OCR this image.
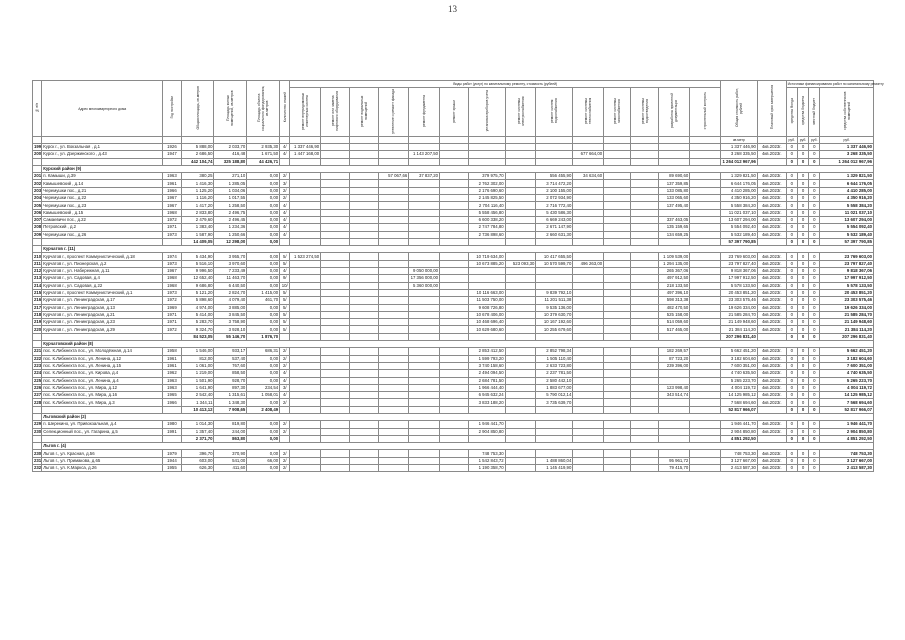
13
№ п/п	Адрес многоквартирного дома	Год постройки	Общая площадь, кв.метров	Площадь жилых помещений, кв.метров	Площадь объекта социального фондирования, кв.метров	Количество этажей	Виды работ (услуг) по капитальному ремонту, стоимость (рублей)														Общая стоимость работ, рублей	Плановый срок завершения	Источники финансирования работ по капитальному ремонту			
							ремонт внутридомовых инженерных систем	ремонт или замена лифтового оборудования	ремонт подвальных помещений	утепление и ремонт фасада	ремонт фундамента	ремонт крыши	установка приборов учета	ремонт системы электроснабжения	ремонт систем водоснабжения	ремонт системы теплоснабжения	ремонт системы газоснабжения	ремонт системы водоотведения	разработка проектной документации	строительный контроль			средства Фонда	средства бюджета	местный бюджет	средства собственников помещений
																					кв.метр		руб.	руб.	руб.	руб.
199	Курск г., ул. Вокзальная , д.1	1926	5 888,00	2 033,70	2 935,30	4/	1 337 446,90														1 337 446,90	4кв.2023г.	0	0	0	1 337 446,90
200	Курск г., ул. Дзержинского , д.43	1947	2 686,50	416,48	1 671,50	4/	1 447 168,00				1 143 207,50					677 664,00					3 268 335,50	4кв.2023г.	0	0	0	3 268 335,50
			442 104,74	325 188,80	44 426,71																1 264 012 967,96		0	0	0	1 264 012 967,96
	Курский район (9)																									
201	п. Камыши, д.39	1963	380,25	271,10	0,00	2/				57 067,66	37 837,20		379 975,70		556 455,90	34 634,60			89 690,60		1 329 821,50	4кв.2023г.	0	0	0	1 329 821,50
202	Камышевский , д.14	1961	1 416,30	1 285,05	0,00	3/							2 762 302,00		3 714 472,20				137 359,85		6 644 176,05	4кв.2023г.	0	0	0	6 644 176,05
203	Черемушки пос., д.21	1966	1 125,20	1 034,06	0,00	2/							2 176 690,60		2 100 155,00				133 085,80		4 410 285,00	4кв.2023г.	0	0	0	4 410 285,00
204	Черемушки пос., д.22	1967	1 116,20	1 017,55	0,00	2/							2 145 825,50		2 072 934,90				133 065,60		4 350 916,20	4кв.2023г.	0	0	0	4 350 916,20
205	Черемушки пос., д.23	1967	1 417,20	1 258,50	0,00	4/							2 704 116,40		2 716 772,40				137 495,40		5 558 384,20	4кв.2023г.	0	0	0	5 558 384,20
206	Камышевский , д.15	1968	2 833,80	2 496,75	0,00	4/							5 558 456,80		5 430 586,30						11 021 037,10	4кв.2023г.	0	0	0	11 021 037,10
207	Самаевичи пос., д.22	1972	2 479,60	2 496,45	0,00	4/							6 600 338,20		6 669 243,00				337 463,05		13 607 294,00	4кв.2023г.	0	0	0	13 607 294,00
208	Петровский , д.2	1971	1 383,40	1 234,36	0,00	4/							2 747 784,80		2 671 147,90				135 159,65		5 554 092,40	4кв.2023г.	0	0	0	5 554 092,40
209	Черемушки пос., д.26	1973	1 587,90	1 250,66	0,00	4/							2 736 898,60		2 660 631,30				134 659,25		5 532 189,40	4кв.2023г.	0	0	0	5 532 189,40
			14 409,05	12 298,00	0,00																57 397 790,85		0	0	0	57 397 790,85
	Курчатов г. (11)																									
210	Курчатов г., проспект Коммунистический, д.18	1974	5 434,90	3 955,70	0,00	5/	1 523 274,50						10 719 634,00		10 417 655,50				1 109 539,00		23 769 603,00	4кв.2023г.	0	0	0	23 769 603,00
211	Курчатов г., ул. Пионерская, д.2	1973	5 516,10	3 970,60	0,00	5/							10 673 885,20	523 093,30	10 570 599,70	496 263,00			1 294 135,00		23 797 827,40	4кв.2023г.	0	0	0	23 797 827,40
212	Курчатов г., ул. Набережная, д.11	1967	9 996,50	7 233,49	0,00	4/					9 050 000,00								265 367,06		9 818 367,06	4кв.2023г.	0	0	0	9 818 367,06
213	Курчатов г., ул. Садовая, д.4	1968	12 652,40	11 463,70	0,00	9/					17 356 000,00								497 912,50		17 997 912,50	4кв.2023г.	0	0	0	17 997 912,50
214	Курчатов г., ул. Садовая, д.22	1968	9 686,80	6 440,50	0,00	10/					5 360 000,00								218 133,50		5 578 133,50	4кв.2023г.	0	0	0	5 578 133,50
215	Курчатов г., проспект Коммунистический, д.1	1973	5 121,20	2 824,70	1 415,00	5/							10 116 663,00		9 839 792,10				497 396,10		20 453 851,20	4кв.2023г.	0	0	0	20 453 851,20
216	Курчатов г., ул. Ленинградская, д.17	1972	5 898,60	4 079,40	461,70	5/							11 503 750,00		11 201 511,38				598 313,38		23 303 575,46	4кв.2023г.	0	0	0	23 303 575,46
217	Курчатов г., ул. Ленинградская, д.13	1969	4 974,00	3 885,00	0,00	5/							9 608 726,80		9 535 136,00				482 470,50		19 626 334,00	4кв.2023г.	0	0	0	19 626 334,00
218	Курчатов г., ул. Ленинградская, д.21	1971	5 414,00	3 845,50	0,00	5/							10 678 406,00		10 379 630,70				525 158,00		21 585 284,70	4кв.2023г.	0	0	0	21 585 284,70
219	Курчатов г., ул. Ленинградская, д.23	1971	5 283,70	3 758,90	0,00	5/							10 468 696,40		10 167 192,60				514 059,60		21 149 948,60	4кв.2023г.	0	0	0	21 149 948,60
220	Курчатов г., ул. Ленинградская, д.29	1972	9 324,70	3 928,10	0,00	5/							10 629 680,60		10 255 679,60				517 465,00		21 384 114,20	4кв.2023г.	0	0	0	21 384 114,20
			84 523,05	55 146,70	1 876,70																207 296 831,40		0	0	0	207 296 831,40
	Курчатовский район (8)																									
221	пос. К.Либкнехта пос., ул. Молодёжная, д.14	1958	1 546,00	933,17	686,31	2/							2 853 412,50		2 852 798,34				182 269,57		5 662 451,20	4кв.2023г.	0	0	0	5 662 451,20
222	пос. К.Либкнехта пос., ул. Ленина, д.12	1961	812,00	537,40	0,00	2/							1 599 793,20		1 505 110,40				87 723,20		3 182 604,60	4кв.2023г.	0	0	0	3 182 604,60
223	пос. К.Либкнехта пос., ул. Ленина, д.15	1961	1 061,00	767,60	0,00	2/							3 740 158,60		2 633 723,80				239 396,00		7 600 351,00	4кв.2023г.	0	0	0	7 600 351,00
224	пос. К.Либкнехта пос., ул. Кирова, д.4	1962	1 219,00	858,50	0,00	4/							2 494 094,50		2 237 781,50						4 740 635,50	4кв.2023г.	0	0	0	4 740 635,50
225	пос. К.Либкнехта пос., ул. Ленина, д.4	1963	1 501,90	928,70	0,00	4/							2 684 781,50		2 580 442,10						5 265 223,70	4кв.2023г.	0	0	0	5 265 223,70
226	пос. К.Либкнехта пос., ул. Мира, д.12	1963	1 641,90	897,30	234,54	3/							1 966 444,40		1 883 677,00				123 998,40		4 004 119,72	4кв.2023г.	0	0	0	4 004 119,72
227	пос. К.Либкнехта пос., ул. Мира, д.16	1965	2 542,40	1 315,61	1 058,01	4/							6 945 632,24		5 790 012,14				343 514,74		14 125 985,12	4кв.2023г.	0	0	0	14 125 985,12
228	пос. К.Либкнехта пос., ул. Мира, д.3	1966	1 344,11	1 348,30	0,00	2/							3 833 188,20		3 735 639,70						7 568 694,60	4кв.2023г.	0	0	0	7 568 694,60
			10 413,12	7 908,65	2 408,49																52 817 966,07		0	0	0	52 817 966,07
	Льговский район (2)																									
229	п. Шерекино, ул. Привокзальная, д.4	1980	1 014,30	819,80	0,00	2/							1 946 441,70								1 946 441,70	4кв.2023г.	0	0	0	1 946 441,70
230	Селекционный пос., ул. Гагарина, д.5	1991	1 357,40	244,00	0,00	2/							2 904 850,80								2 904 850,80	4кв.2023г.	0	0	0	2 904 850,80
			2 371,70	863,80	0,00																4 851 292,50		0	0	0	4 851 292,50
	Льгов г. (4)																									
230	Льгов г., ул. Красная, д.56	1979	396,70	370,90	0,00	2/							748 753,30								748 753,30	4кв.2023г.	0	0	0	748 753,30
231	Льгов г., ул. Примакова, д.65	1944	603,00	541,00	66,00	2/							1 542 843,72		1 488 860,04				95 961,72		3 127 667,00	4кв.2023г.	0	0	0	3 127 667,00
232	Льгов г., ул. К.Маркса, д.26	1955	626,30	411,60	0,00	2/							1 190 358,70		1 145 419,90				79 415,70		2 413 587,30	4кв.2023г.	0	0	0	2 413 587,30
